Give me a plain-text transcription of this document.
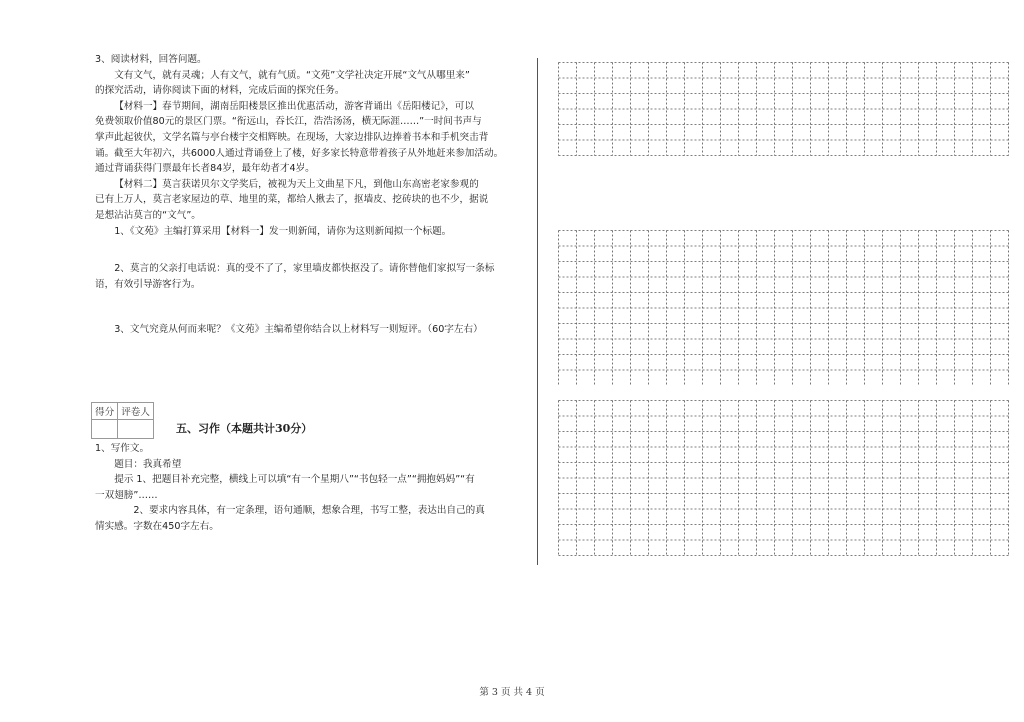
3、阅读材料，回答问题。

文有文气，就有灵魂；人有文气，就有气质。“文苑”文学社决定开展“文气从哪里来”

的探究活动，请你阅读下面的材料，完成后面的探究任务。

【材料一】春节期间，湖南岳阳楼景区推出优惠活动，游客背诵出《岳阳楼记》，可以

免费领取价值80元的景区门票。“衔远山，吞长江，浩浩汤汤，横无际涯……”一时间书声与

掌声此起彼伏，文学名篇与亭台楼宇交相辉映。在现场，大家边排队边捧着书本和手机突击背

诵。截至大年初六，共6000人通过背诵登上了楼，好多家长特意带着孩子从外地赶来参加活动。

通过背诵获得门票最年长者84岁，最年幼者才4岁。

【材料二】莫言获诺贝尔文学奖后，被视为天上文曲星下凡，到他山东高密老家参观的

已有上万人，莫言老家屋边的草、地里的菜，都给人揪去了，抠墙皮、挖砖块的也不少，据说

是想沾沾莫言的“文气”。

1、《文苑》主编打算采用【材料一】发一则新闻，请你为这则新闻拟一个标题。

2、莫言的父亲打电话说：真的受不了了，家里墙皮都快抠没了。请你替他们家拟写一条标

语，有效引导游客行为。

3、文气究竟从何而来呢？《文苑》主编希望你结合以上材料写一则短评。（60字左右）

得分	评卷人

五、习作（本题共计30分）

1、写作文。

题目：我真希望

提示 1、把题目补充完整，横线上可以填“有一个星期八”“书包轻一点”“拥抱妈妈”“有

一双翅膀”……

2、要求内容具体，有一定条理，语句通顺，想象合理，书写工整，表达出自己的真

情实感。字数在450字左右。

第 3 页 共 4 页
